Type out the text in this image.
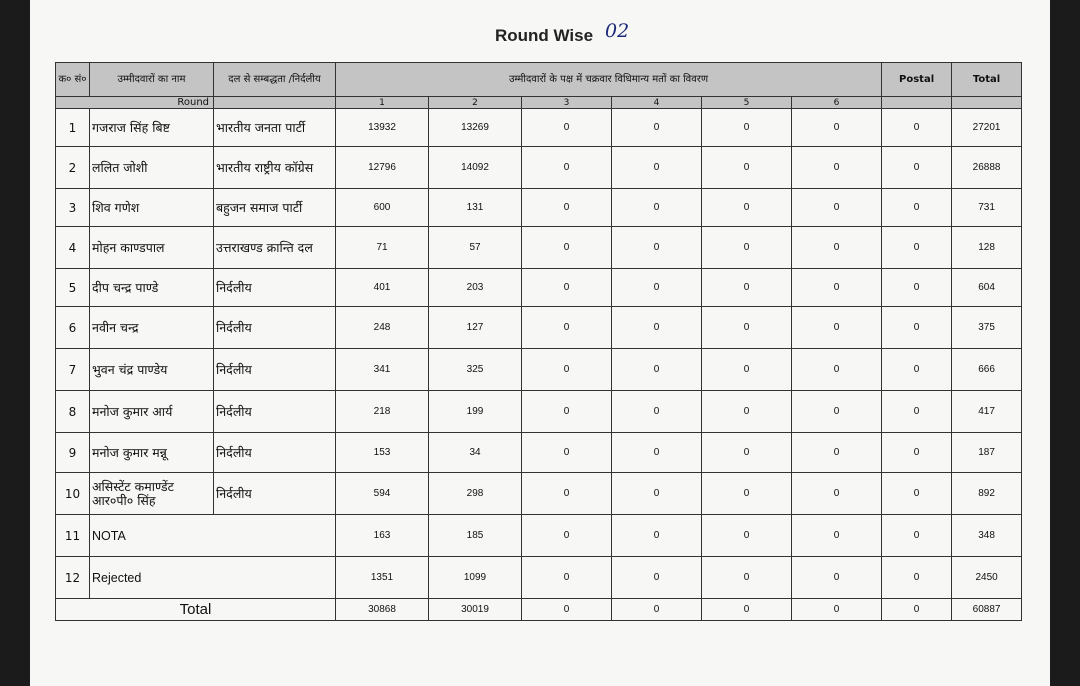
Round Wise 02
क० सं०	उम्मीदवारों का नाम	दल से सम्बद्धता /निर्दलीय	उम्मीदवारों के पक्ष में चक्रवार विधिमान्य मतों का विवरण						Postal	Total
Round			1	2	3	4	5	6		
1	गजराज सिंह बिष्ट	भारतीय जनता पार्टी	13932	13269	0	0	0	0	0	27201
2	ललित जोशी	भारतीय राष्ट्रीय कॉग्रेस	12796	14092	0	0	0	0	0	26888
3	शिव गणेश	बहुजन समाज पार्टी	600	131	0	0	0	0	0	731
4	मोहन काण्डपाल	उत्तराखण्ड क्रान्ति दल	71	57	0	0	0	0	0	128
5	दीप चन्द्र पाण्डे	निर्दलीय	401	203	0	0	0	0	0	604
6	नवीन चन्द्र	निर्दलीय	248	127	0	0	0	0	0	375
7	भुवन चंद्र पाण्डेय	निर्दलीय	341	325	0	0	0	0	0	666
8	मनोज कुमार आर्य	निर्दलीय	218	199	0	0	0	0	0	417
9	मनोज कुमार मन्नू	निर्दलीय	153	34	0	0	0	0	0	187
10	असिस्टेंट कमाण्डेंट आर०पी० सिंह	निर्दलीय	594	298	0	0	0	0	0	892
11	NOTA		163	185	0	0	0	0	0	348
12	Rejected		1351	1099	0	0	0	0	0	2450
Total			30868	30019	0	0	0	0	0	60887
